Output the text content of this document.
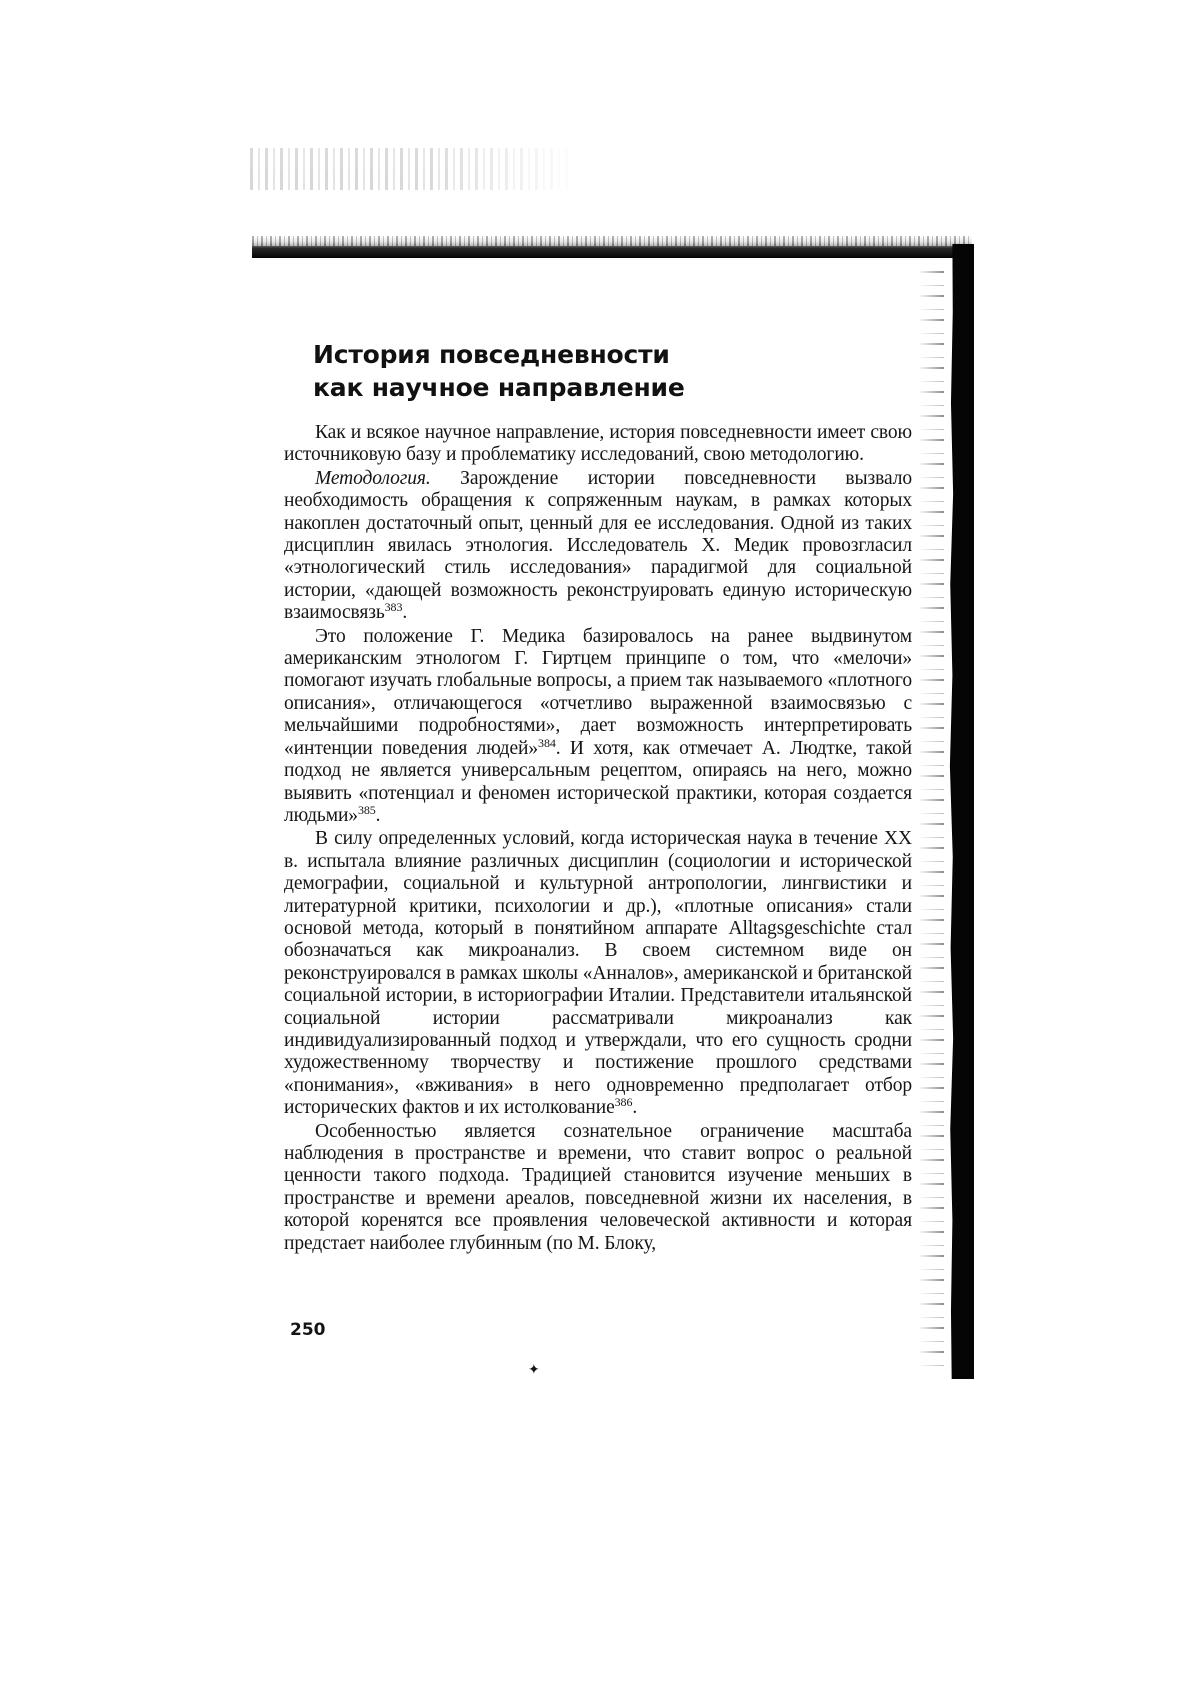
История повседневности
как научное направление

Как и всякое научное направление, история повседневности имеет свою источниковую базу и проблематику исследований, свою методологию.

Методология. Зарождение истории повседневности вызвало необходимость обращения к сопряженным наукам, в рамках которых накоплен достаточный опыт, ценный для ее исследования. Одной из таких дисциплин явилась этнология. Исследователь Х. Медик провозгласил «этнологический стиль исследования» парадигмой для социальной истории, «дающей возможность реконструировать единую историческую взаимосвязь$^{383}$.

Это положение Г. Медика базировалось на ранее выдвинутом американским этнологом Г. Гиртцем принципе о том, что «мелочи» помогают изучать глобальные вопросы, а прием так называемого «плотного описания», отличающегося «отчетливо выраженной взаимосвязью с мельчайшими подробностями», дает возможность интерпретировать «интенции поведения людей»$^{384}$. И хотя, как отмечает А. Людтке, такой подход не является универсальным рецептом, опираясь на него, можно выявить «потенциал и феномен исторической практики, которая создается людьми»$^{385}$.

В силу определенных условий, когда историческая наука в течение XX в. испытала влияние различных дисциплин (социологии и исторической демографии, социальной и культурной антропологии, лингвистики и литературной критики, психологии и др.), «плотные описания» стали основой метода, который в понятийном аппарате Alltagsgeschichte стал обозначаться как микроанализ. В своем системном виде он реконструировался в рамках школы «Анналов», американской и британской социальной истории, в историографии Италии. Представители итальянской социальной истории рассматривали микроанализ как индивидуализированный подход и утверждали, что его сущность сродни художественному творчеству и постижение прошлого средствами «понимания», «вживания» в него одновременно предполагает отбор исторических фактов и их истолкование$^{386}$.

Особенностью является сознательное ограничение масштаба наблюдения в пространстве и времени, что ставит вопрос о реальной ценности такого подхода. Традицией становится изучение меньших в пространстве и времени ареалов, повседневной жизни их населения, в которой коренятся все проявления человеческой активности и которая предстает наиболее глубинным (по М. Блоку,

250
✦
